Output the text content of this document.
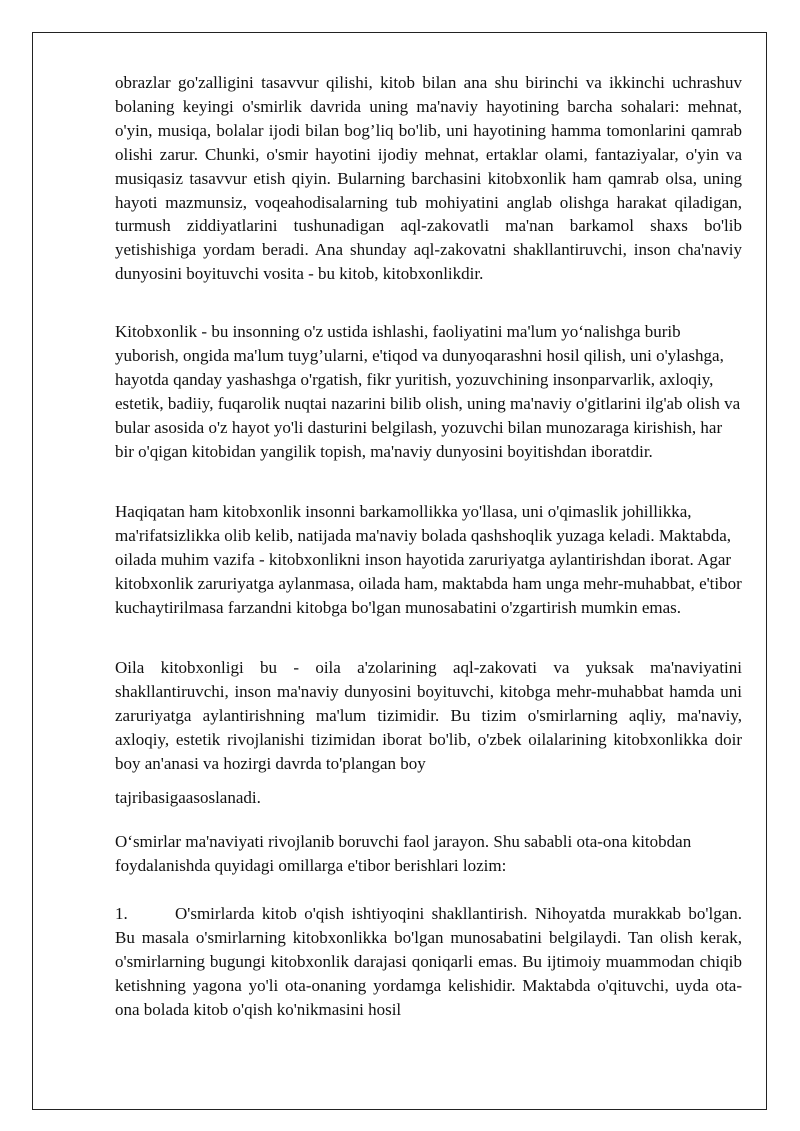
obrazlar go'zalligini tasavvur qilishi, kitob bilan ana shu birinchi va ikkinchi uchrashuv bolaning keyingi o'smirlik davrida uning ma'naviy hayotining barcha sohalari: mehnat, o'yin, musiqa, bolalar ijodi bilan bog’liq bo'lib, uni hayotining hamma tomonlarini qamrab olishi zarur. Chunki, o'smir hayotini ijodiy mehnat, ertaklar olami, fantaziyalar, o'yin va musiqasiz tasavvur etish qiyin. Bularning barchasini kitobxonlik ham qamrab olsa, uning hayoti mazmunsiz, voqeahodisalarning tub mohiyatini anglab olishga harakat qiladigan, turmush ziddiyatlarini tushunadigan aql-zakovatli ma'nan barkamol shaxs bo'lib yetishishiga yordam beradi. Ana shunday aql-zakovatni shakllantiruvchi, inson cha'naviy dunyosini boyituvchi vosita - bu kitob, kitobxonlikdir.

Kitobxonlik - bu insonning o'z ustida ishlashi, faoliyatini ma'lum yo‘nalishga burib yuborish, ongida ma'lum tuyg’ularni, e'tiqod va dunyoqarashni hosil qilish, uni o'ylashga, hayotda qanday yashashga o'rgatish, fikr yuritish, yozuvchining insonparvarlik, axloqiy, estetik, badiiy, fuqarolik nuqtai nazarini bilib olish, uning ma'naviy o'gitlarini ilg'ab olish va bular asosida o'z hayot yo'li dasturini belgilash, yozuvchi bilan munozaraga kirishish, har bir o'qigan kitobidan yangilik topish, ma'naviy dunyosini boyitishdan iboratdir.

Haqiqatan ham kitobxonlik insonni barkamollikka yo'llasa, uni o'qimaslik johillikka, ma'rifatsizlikka olib kelib, natijada ma'naviy bolada qashshoqlik yuzaga keladi. Maktabda, oilada muhim vazifa - kitobxonlikni inson hayotida zaruriyatga aylantirishdan iborat. Agar kitobxonlik zaruriyatga aylanmasa, oilada ham, maktabda ham unga mehr-muhabbat, e'tibor kuchaytirilmasa farzandni kitobga bo'lgan munosabatini o'zgartirish mumkin emas.

Oila kitobxonligi bu - oila a'zolarining aql-zakovati va yuksak ma'naviyatini shakllantiruvchi, inson ma'naviy dunyosini boyituvchi, kitobga mehr-muhabbat hamda uni zaruriyatga aylantirishning ma'lum tizimidir. Bu tizim o'smirlarning aqliy, ma'naviy, axloqiy, estetik rivojlanishi tizimidan iborat bo'lib, o'zbek oilalarining kitobxonlikka doir boy an'anasi va hozirgi davrda to'plangan boy

tajribasigaasoslanadi.

O‘smirlar ma'naviyati rivojlanib boruvchi faol jarayon. Shu sababli ota-ona kitobdan foydalanishda quyidagi omillarga e'tibor berishlari lozim:

1.	O'smirlarda kitob o'qish ishtiyoqini shakllantirish. Nihoyatda murakkab bo'lgan. Bu masala o'smirlarning kitobxonlikka bo'lgan munosabatini belgilaydi. Tan olish kerak, o'smirlarning bugungi kitobxonlik darajasi qoniqarli emas. Bu ijtimoiy muammodan chiqib ketishning yagona yo'li ota-onaning yordamga kelishidir. Maktabda o'qituvchi, uyda ota-ona bolada kitob o'qish ko'nikmasini hosil
